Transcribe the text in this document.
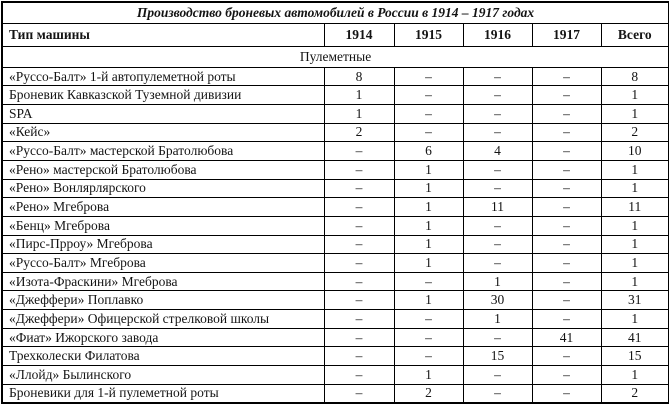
Производство броневых автомобилей в России в 1914 – 1917 годах					
Тип машины	1914	1915	1916	1917	Всего
Пулеметные					
«Руссо-Балт» 1-й автопулеметной роты	8	–	–	–	8
Броневик Кавказской Туземной дивизии	1	–	–	–	1
SPA	1	–	–	–	1
«Кейс»	2	–	–	–	2
«Руссо-Балт» мастерской Братолюбова	–	6	4	–	10
«Рено» мастерской Братолюбова	–	1	–	–	1
«Рено» Вонлярлярского	–	1	–	–	1
«Рено» Мгеброва	–	1	11	–	11
«Бенц» Мгеброва	–	1	–	–	1
«Пирс-Прроу» Мгеброва	–	1	–	–	1
«Руссо-Балт» Мгеброва	–	1	–	–	1
«Изота-Фраскини» Мгеброва	–	–	1	–	1
«Джеффери» Поплавко	–	1	30	–	31
«Джеффери» Офицерской стрелковой школы	–	–	1	–	1
«Фиат» Ижорского завода	–	–	–	41	41
Трехколески Филатова	–	–	15	–	15
«Ллойд» Былинского	–	1	–	–	1
Броневики для 1-й пулеметной роты	–	2	–	–	2
